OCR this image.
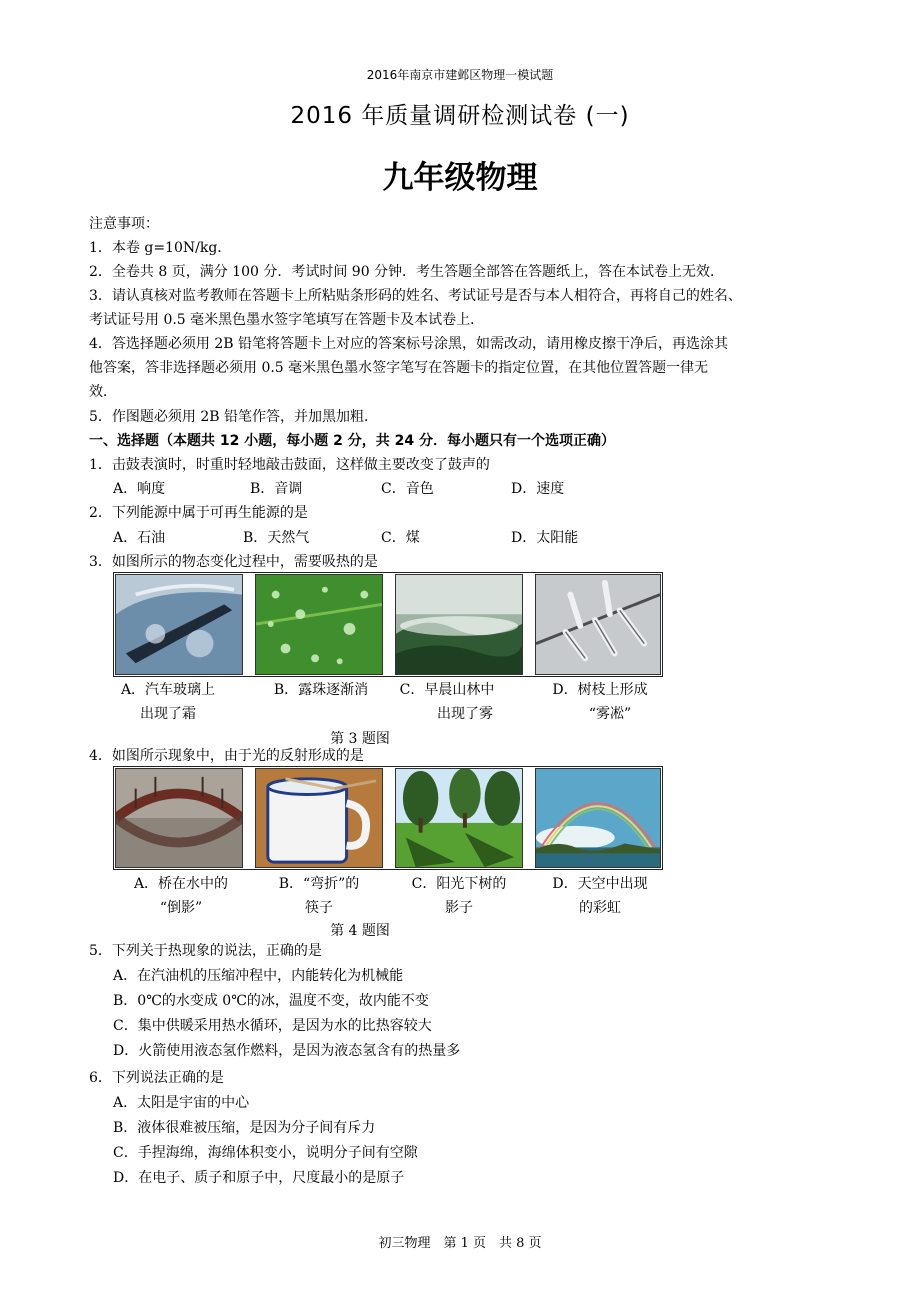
2016年南京市建邺区物理一模试题
2016 年质量调研检测试卷 (一)
九年级物理
注意事项：
1．本卷 g=10N/kg．
2．全卷共 8 页，满分 100 分．考试时间 90 分钟．考生答题全部答在答题纸上，答在本试卷上无效．
3．请认真核对监考教师在答题卡上所粘贴条形码的姓名、考试证号是否与本人相符合，再将自己的姓名、
考试证号用 0.5 毫米黑色墨水签字笔填写在答题卡及本试卷上．
4．答选择题必须用 2B 铅笔将答题卡上对应的答案标号涂黑，如需改动，请用橡皮擦干净后，再选涂其
他答案，答非选择题必须用 0.5 毫米黑色墨水签字笔写在答题卡的指定位置，在其他位置答题一律无
效．
5．作图题必须用 2B 铅笔作答，并加黑加粗．
一、选择题（本题共 12 小题，每小题 2 分，共 24 分．每小题只有一个选项正确）
1．击鼓表演时，时重时轻地敲击鼓面，这样做主要改变了鼓声的
A．响度	B．音调	C．音色	D．速度
2．下列能源中属于可再生能源的是
A．石油	B．天然气	C．煤	D．太阳能
3．如图所示的物态变化过程中，需要吸热的是
A．汽车玻璃上
出现了霜
B．露珠逐渐消	C．早晨山林中
出现了雾
D．树枝上形成
“雾凇”
第 3 题图
4．如图所示现象中，由于光的反射形成的是
A．桥在水中的
“倒影”
B．“弯折”的
筷子
C．阳光下树的
影子
D．天空中出现
的彩虹
第 4 题图
5．下列关于热现象的说法，正确的是
A．在汽油机的压缩冲程中，内能转化为机械能
B．0℃的水变成 0℃的冰，温度不变，故内能不变
C．集中供暖采用热水循环，是因为水的比热容较大
D．火箭使用液态氢作燃料，是因为液态氢含有的热量多
6．下列说法正确的是
A．太阳是宇宙的中心
B．液体很难被压缩，是因为分子间有斥力
C．手捏海绵，海绵体积变小，说明分子间有空隙
D．在电子、质子和原子中，尺度最小的是原子
初三物理　第 1 页　共 8 页
